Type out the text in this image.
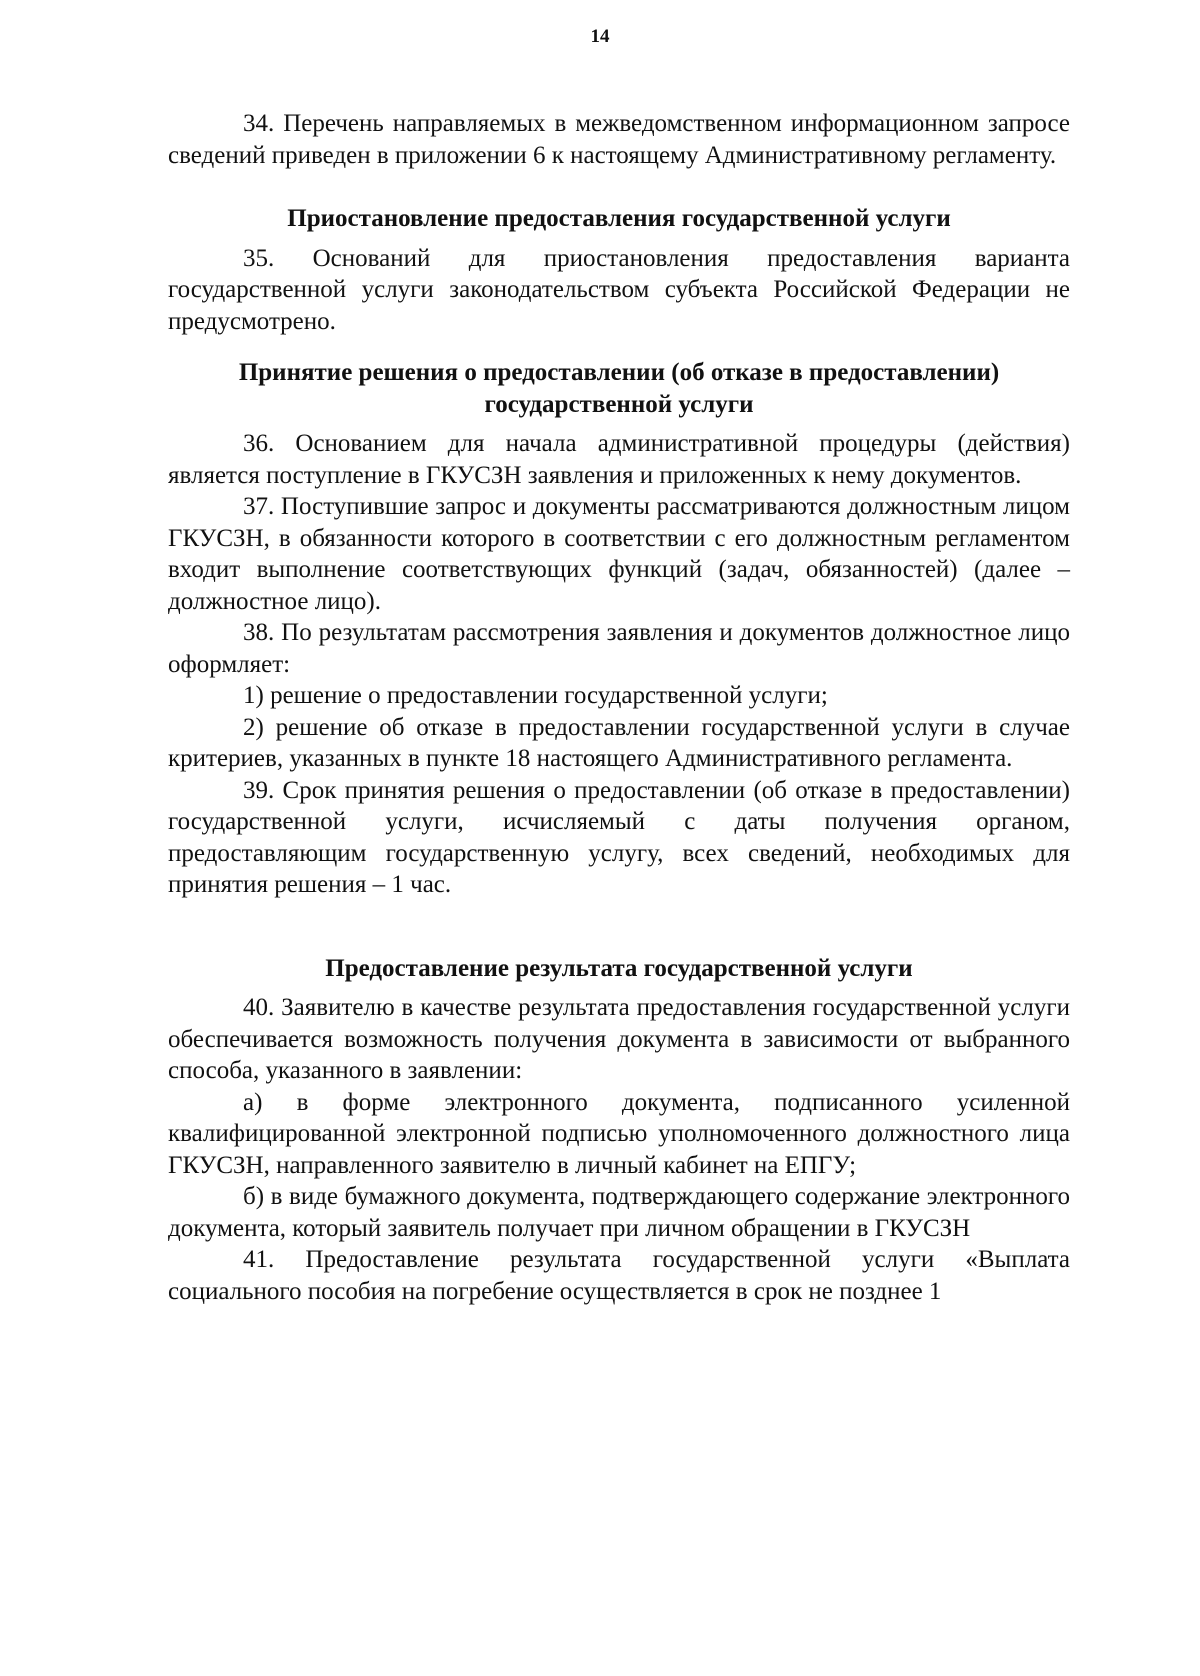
14

34. Перечень направляемых в межведомственном информационном запросе сведений приведен в приложении 6 к настоящему Административному регламенту.

Приостановление предоставления государственной услуги

35. Оснований для приостановления предоставления варианта государственной услуги законодательством субъекта Российской Федерации не предусмотрено.

Принятие решения о предоставлении (об отказе в предоставлении) государственной услуги

36. Основанием для начала административной процедуры (действия) является поступление в ГКУСЗН заявления и приложенных к нему документов.

37. Поступившие запрос и документы рассматриваются должностным лицом ГКУСЗН, в обязанности которого в соответствии с его должностным регламентом входит выполнение соответствующих функций (задач, обязанностей) (далее – должностное лицо).

38. По результатам рассмотрения заявления и документов должностное лицо оформляет:

1) решение о предоставлении государственной услуги;

2) решение об отказе в предоставлении государственной услуги в случае критериев, указанных в пункте 18 настоящего Административного регламента.

39. Срок принятия решения о предоставлении (об отказе в предоставлении) государственной услуги, исчисляемый с даты получения органом, предоставляющим государственную услугу, всех сведений, необходимых для принятия решения – 1 час.

Предоставление результата государственной услуги

40. Заявителю в качестве результата предоставления государственной услуги обеспечивается возможность получения документа в зависимости от выбранного способа, указанного в заявлении:

а) в форме электронного документа, подписанного усиленной квалифицированной электронной подписью уполномоченного должностного лица ГКУСЗН, направленного заявителю в личный кабинет на ЕПГУ;

б) в виде бумажного документа, подтверждающего содержание электронного документа, который заявитель получает при личном обращении в ГКУСЗН

41. Предоставление результата государственной услуги «Выплата социального пособия на погребение осуществляется в срок не позднее 1
